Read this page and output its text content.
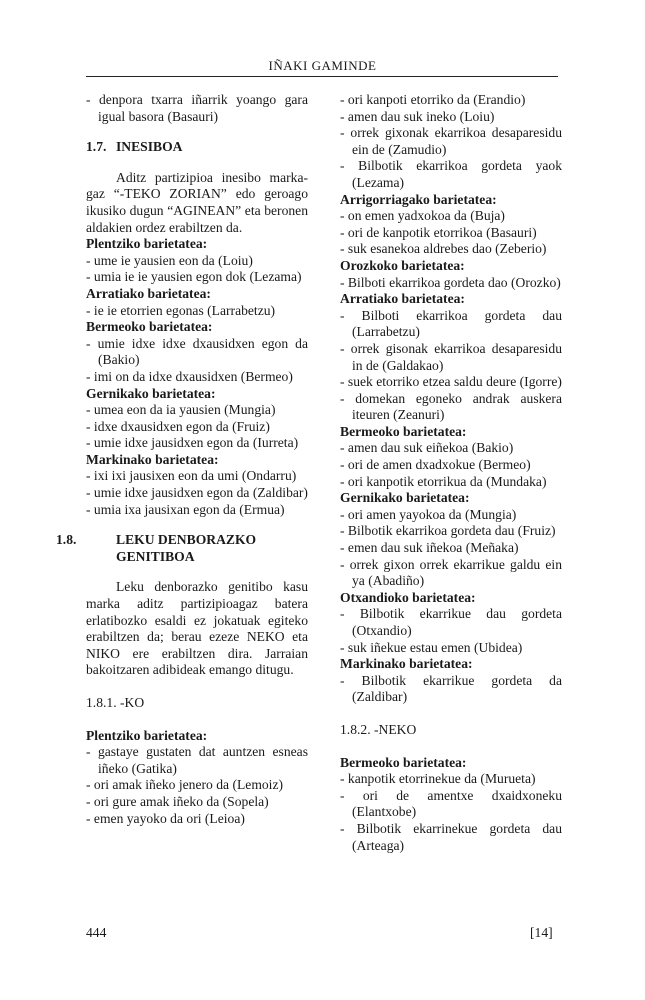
IÑAKI GAMINDE
- denpora txarra iñarrik yoango gara igual basora (Basauri)
1.7. INESIBOA
Aditz partizipioa inesibo marka-gaz “-TEKO ZORIAN” edo geroago ikusiko dugun “AGINEAN” eta beronen aldakien ordez erabiltzen da.
Plentziko barietatea:
- ume ie yausien eon da (Loiu)
- umia ie ie yausien egon dok (Lezama)
Arratiako barietatea:
- ie ie etorrien egonas (Larrabetzu)
Bermeoko barietatea:
- umie idxe idxe dxausidxen egon da (Bakio)
- imi on da idxe dxausidxen (Bermeo)
Gernikako barietatea:
- umea eon da ia yausien (Mungia)
- idxe dxausidxen egon da (Fruiz)
- umie idxe jausidxen egon da (Iurreta)
Markinako barietatea:
- ixi ixi jausixen eon da umi (Ondarru)
- umie idxe jausidxen egon da (Zaldibar)
- umia ixa jausixan egon da (Ermua)
1.8.	LEKU DENBORAZKO GENITIBOA
Leku denborazko genitibo kasu marka aditz partizipioagaz batera erlatibozko esaldi ez jokatuak egiteko erabiltzen da; berau ezeze NEKO eta NIKO ere erabiltzen dira. Jarraian bakoitzaren adibideak emango ditugu.
1.8.1. -KO
Plentziko barietatea:
- gastaye gustaten dat auntzen esneas iñeko (Gatika)
- ori amak iñeko jenero da (Lemoiz)
- ori gure amak iñeko da (Sopela)
- emen yayoko da ori (Leioa)
- ori kanpoti etorriko da (Erandio)
- amen dau suk ineko (Loiu)
- orrek gixonak ekarrikoa desaparesidu ein de (Zamudio)
- Bilbotik ekarrikoa gordeta yaok (Lezama)
Arrigorriagako barietatea:
- on emen yadxokoa da (Buja)
- ori de kanpotik etorrikoa (Basauri)
- suk esanekoa aldrebes dao (Zeberio)
Orozkoko barietatea:
- Bilboti ekarrikoa gordeta dao (Orozko)
Arratiako barietatea:
- Bilboti ekarrikoa gordeta dau (Larrabetzu)
- orrek gisonak ekarrikoa desaparesidu in de (Galdakao)
- suek etorriko etzea saldu deure (Igorre)
- domekan egoneko andrak auskera iteuren (Zeanuri)
Bermeoko barietatea:
- amen dau suk eiñekoa (Bakio)
- ori de amen dxadxokue (Bermeo)
- ori kanpotik etorrikua da (Mundaka)
Gernikako barietatea:
- ori amen yayokoa da (Mungia)
- Bilbotik ekarrikoa gordeta dau (Fruiz)
- emen dau suk iñekoa (Meñaka)
- orrek gixon orrek ekarrikue galdu ein ya (Abadiño)
Otxandioko barietatea:
- Bilbotik ekarrikue dau gordeta (Otxandio)
- suk iñekue estau emen (Ubidea)
Markinako barietatea:
- Bilbotik ekarrikue gordeta da (Zaldibar)
1.8.2. -NEKO
Bermeoko barietatea:
- kanpotik etorrinekue da (Murueta)
- ori de amentxe dxaidxoneku (Elantxobe)
- Bilbotik ekarrinekue gordeta dau (Arteaga)
444	[14]
